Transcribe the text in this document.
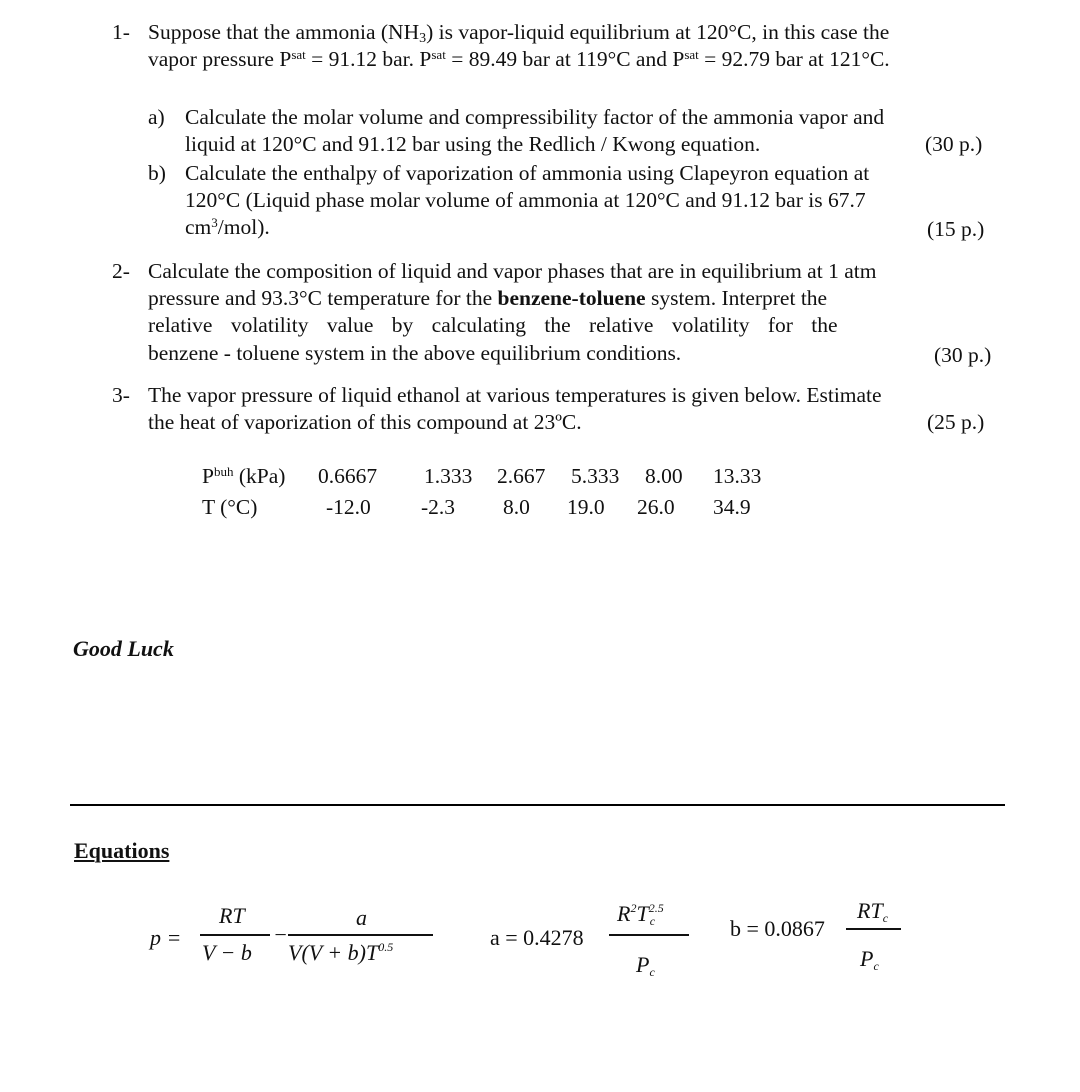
1- Suppose that the ammonia $(NH_3)$ is vapor-liquid equilibrium at 120°C, in this case the
vapor pressure $P^{sat} = 91.12$ bar. $P^{sat} = 89.49$ bar at 119°C and $P^{sat} = 92.79$ bar at 121°C.
a) Calculate the molar volume and compressibility factor of the ammonia vapor and
liquid at 120°C and 91.12 bar using the Redlich / Kwong equation.	(30 p.)
b) Calculate the enthalpy of vaporization of ammonia using Clapeyron equation at
120°C (Liquid phase molar volume of ammonia at 120°C and 91.12 bar is 67.7
$cm^3/mol$).	(15 p.)
2- Calculate the composition of liquid and vapor phases that are in equilibrium at 1 atm
pressure and 93.3°C temperature for the benzene-toluene system. Interpret the
relative volatility value by calculating the relative volatility for the
benzene - toluene system in the above equilibrium conditions.	(30 p.)
3- The vapor pressure of liquid ethanol at various temperatures is given below. Estimate
the heat of vaporization of this compound at 23ºC.	(25 p.)
$P^{buh}$ (kPa) 0.6667 1.333 2.667 5.333 8.00 13.33
T (°C)	-12.0 -2.3 8.0 19.0 26.0 34.9
Good Luck
Equations
p =
RT
V − b
−
a
$V(V + b)T^{0.5}$	a = 0.4278
$R^2T^{2.5}c$
Pc
b = 0.0867
RTc
Pc
